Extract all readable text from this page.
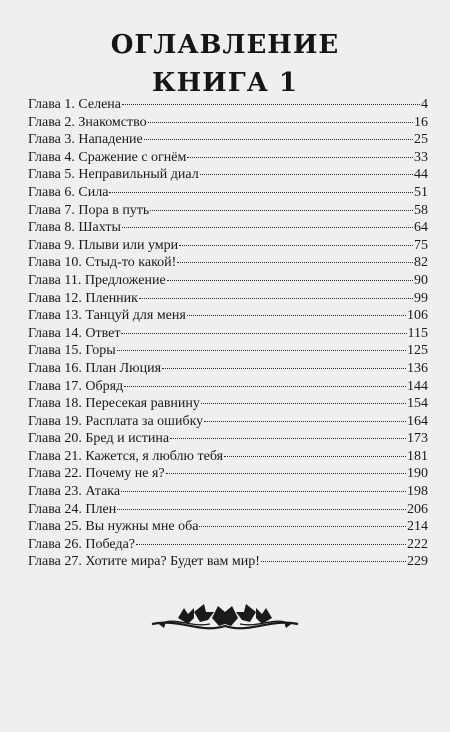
ОГЛАВЛЕНИЕ
КНИГА 1
Глава 1. Селена	4
Глава 2. Знакомство	16
Глава 3. Нападение	25
Глава 4. Сражение с огнём	33
Глава 5. Неправильный диал	44
Глава 6. Сила	51
Глава 7. Пора в путь	58
Глава 8. Шахты	64
Глава 9. Плыви или умри	75
Глава 10. Стыд-то какой!	82
Глава 11. Предложение	90
Глава 12. Пленник	99
Глава 13. Танцуй для меня	106
Глава 14. Ответ	115
Глава 15. Горы	125
Глава 16. План Люция	136
Глава 17. Обряд	144
Глава 18. Пересекая равнину	154
Глава 19. Расплата за ошибку	164
Глава 20. Бред и истина	173
Глава 21. Кажется, я люблю тебя	181
Глава 22. Почему не я?	190
Глава 23. Атака	198
Глава 24. Плен	206
Глава 25. Вы нужны мне оба	214
Глава 26. Победа?	222
Глава 27. Хотите мира? Будет вам мир!	229
